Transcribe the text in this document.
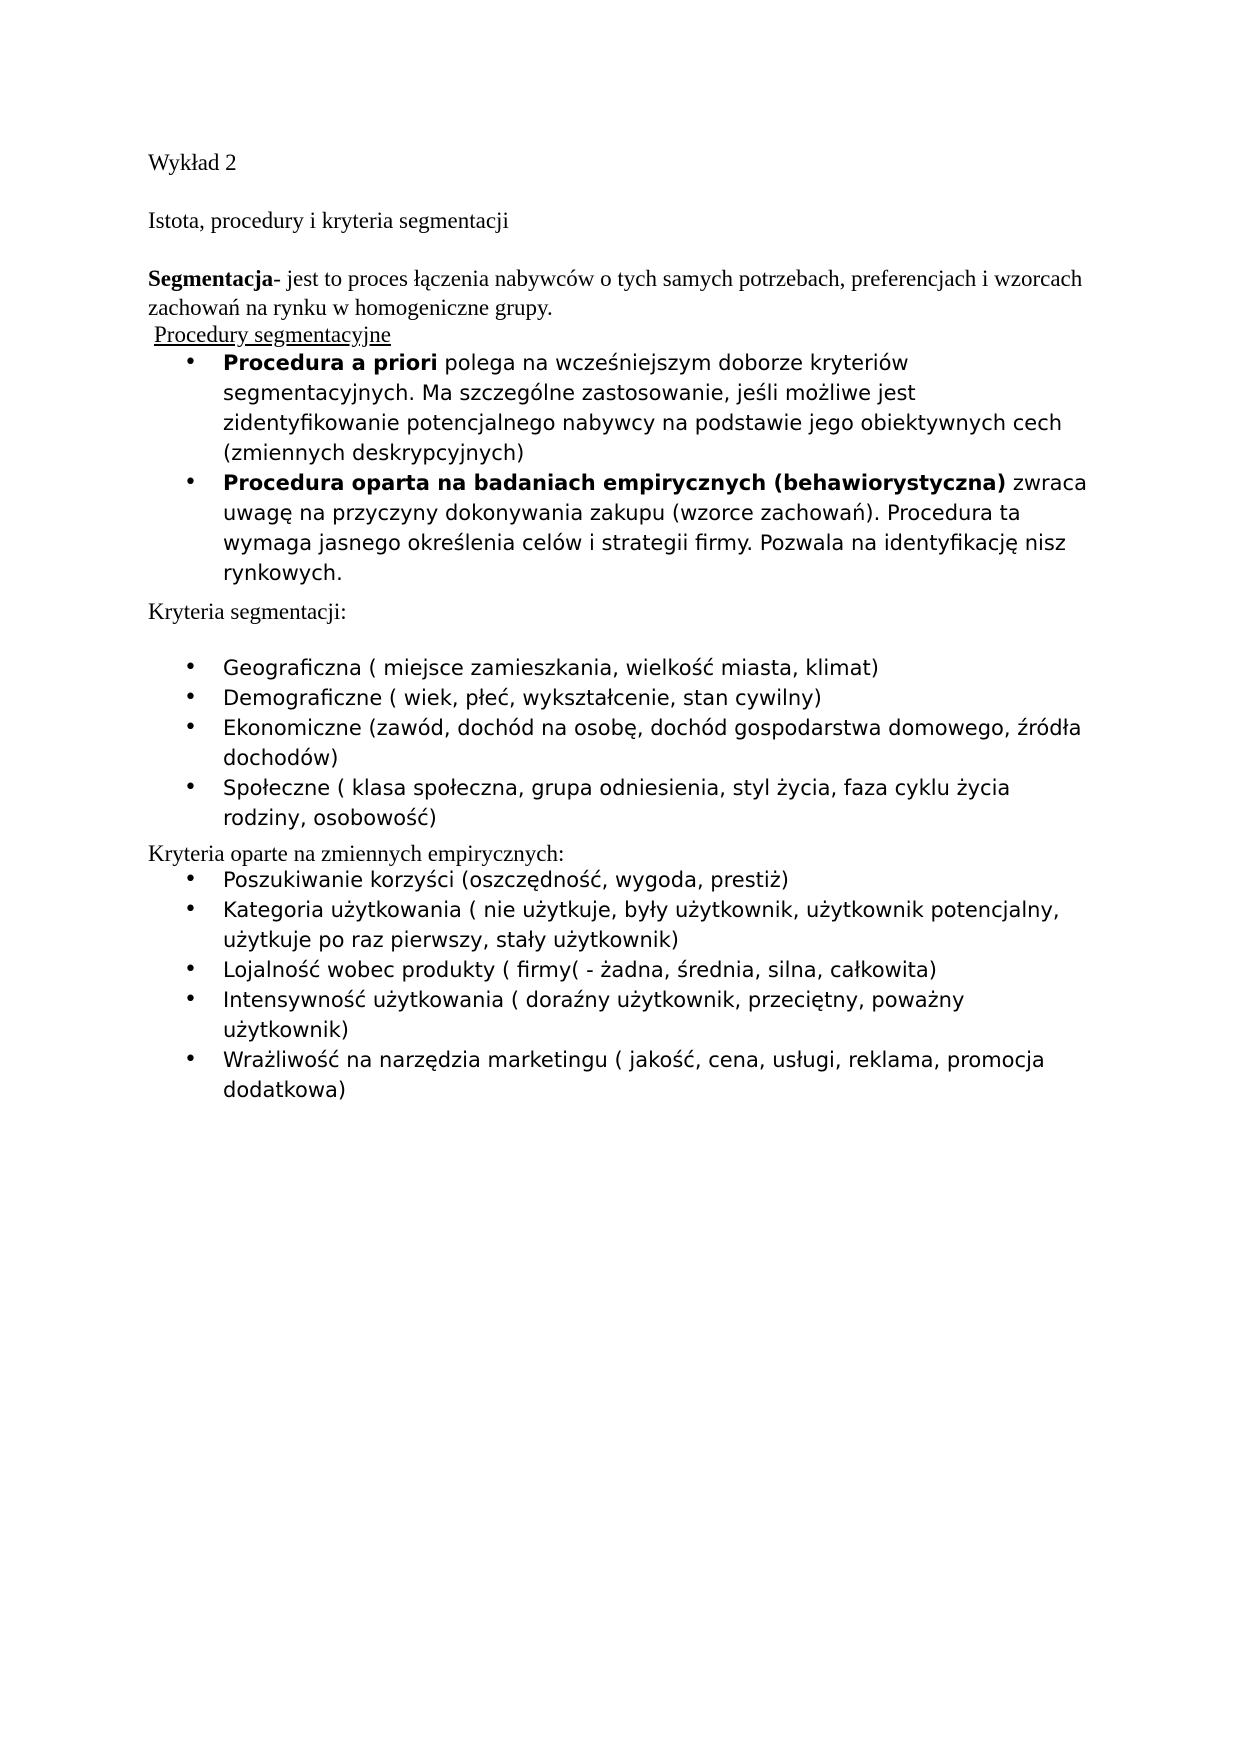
Wykład 2

Istota, procedury i kryteria segmentacji

Segmentacja- jest to proces łączenia nabywców o tych samych potrzebach, preferencjach i wzorcach zachowań na rynku w homogeniczne grupy.

Procedury segmentacyjne

• Procedura a priori polega na wcześniejszym doborze kryteriów segmentacyjnych. Ma szczególne zastosowanie, jeśli możliwe jest zidentyfikowanie potencjalnego nabywcy na podstawie jego obiektywnych cech (zmiennych deskrypcyjnych)
• Procedura oparta na badaniach empirycznych (behawiorystyczna) zwraca uwagę na przyczyny dokonywania zakupu (wzorce zachowań). Procedura ta wymaga jasnego określenia celów i strategii firmy. Pozwala na identyfikację nisz rynkowych.

Kryteria segmentacji:

• Geograficzna ( miejsce zamieszkania, wielkość miasta, klimat)
• Demograficzne ( wiek, płeć, wykształcenie, stan cywilny)
• Ekonomiczne (zawód, dochód na osobę, dochód gospodarstwa domowego, źródła dochodów)
• Społeczne ( klasa społeczna, grupa odniesienia, styl życia, faza cyklu życia rodziny, osobowość)

Kryteria oparte na zmiennych empirycznych:

• Poszukiwanie korzyści (oszczędność, wygoda, prestiż)
• Kategoria użytkowania ( nie użytkuje, były użytkownik, użytkownik potencjalny, użytkuje po raz pierwszy, stały użytkownik)
• Lojalność wobec produkty ( firmy( - żadna, średnia, silna, całkowita)
• Intensywność użytkowania ( doraźny użytkownik, przeciętny, poważny użytkownik)
• Wrażliwość na narzędzia marketingu ( jakość, cena, usługi, reklama, promocja dodatkowa)
